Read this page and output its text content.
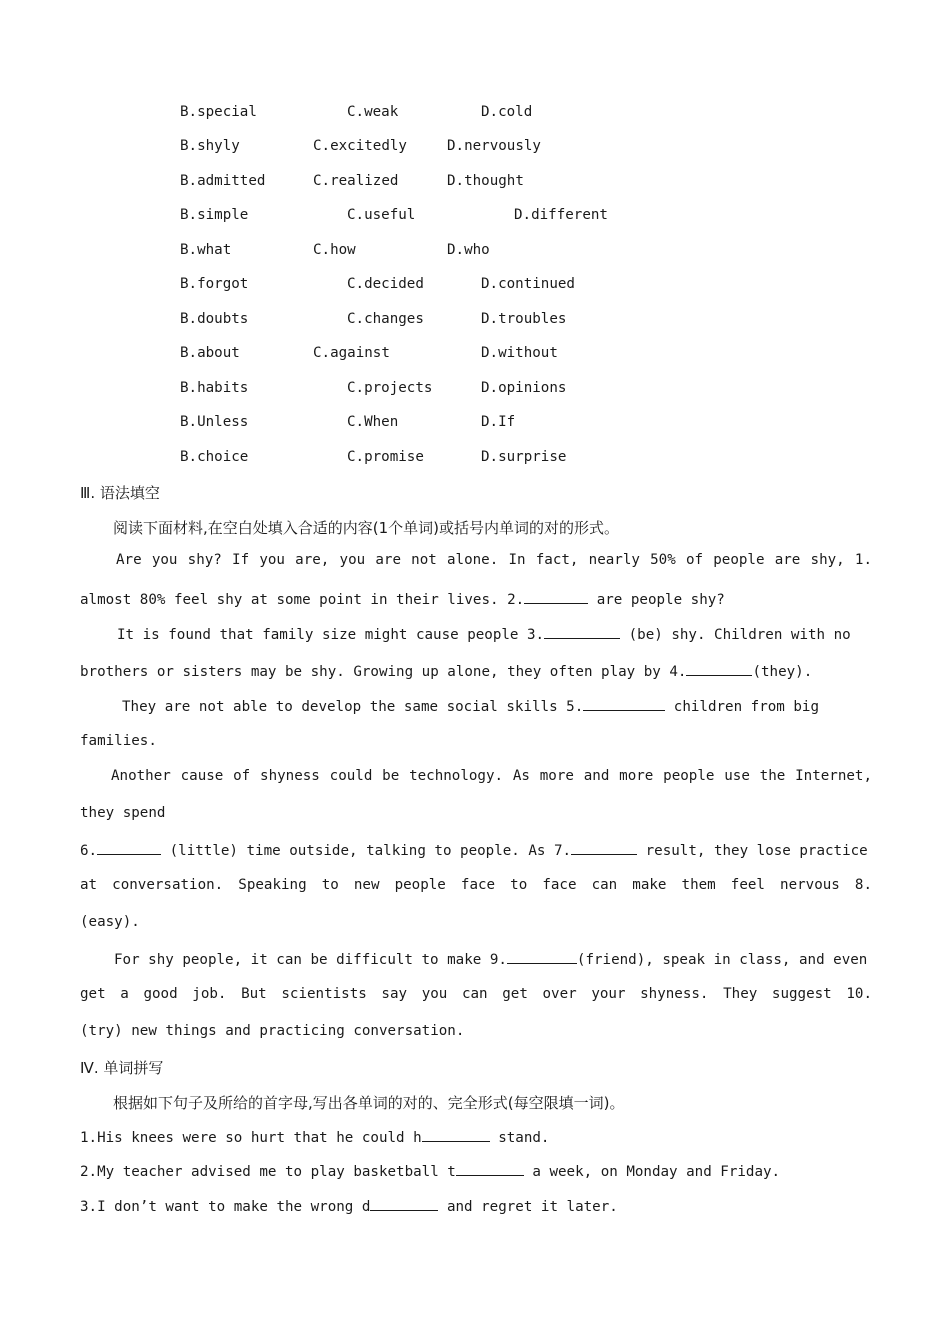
B.special	C.weak	D.cold
B.shyly	C.excitedly	D.nervously
B.admitted	C.realized	D.thought
B.simple	C.useful	D.different
B.what	C.how	D.who
B.forgot	C.decided	D.continued
B.doubts	C.changes	D.troubles
B.about	C.against	D.without
B.habits	C.projects	D.opinions
B.Unless	C.When	D.If
B.choice	C.promise	D.surprise
Ⅲ. 语法填空
阅读下面材料,在空白处填入合适的内容(1个单词)或括号内单词的对的形式。
Are you shy? If you are, you are not alone. In fact, nearly 50% of people are shy, 1.
almost 80% feel shy at some point in their lives. 2.	are people shy?
It is found that family size might cause people 3.	(be) shy. Children with no
brothers or sisters may be shy. Growing up alone, they often play by 4.	(they).
They are not able to develop the same social skills 5.	children from big
families.
Another cause of shyness could be technology. As more and more people use the Internet,
they spend
6.	(little) time outside, talking to people. As 7.	result, they lose practice
at conversation. Speaking to new people face to face can make them feel nervous 8.
(easy).
For shy people, it can be difficult to make 9.	(friend), speak in class, and even
get a good job. But scientists say you can get over your shyness. They suggest 10.
(try) new things and practicing conversation.
Ⅳ. 单词拼写
根据如下句子及所给的首字母,写出各单词的对的、完全形式(每空限填一词)。
1.His knees were so hurt that he could h	stand.
2.My teacher advised me to play basketball t	a week, on Monday and Friday.
3.I don’t want to make the wrong d	and regret it later.
